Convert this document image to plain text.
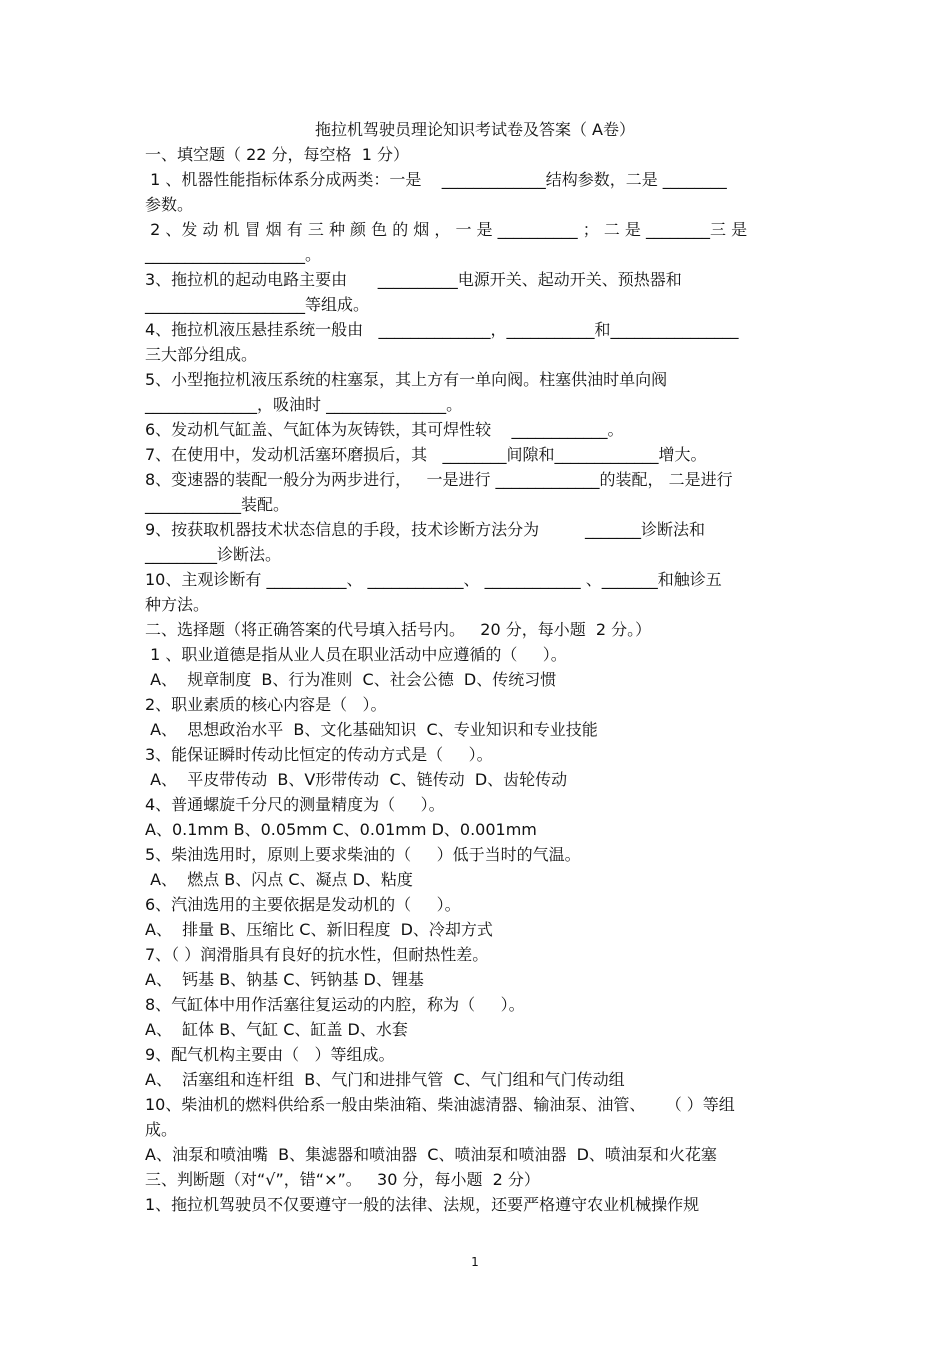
拖拉机驾驶员理论知识考试卷及答案（ A卷）
一、填空题（ 22 分，每空格  1 分）
1 、机器性能指标体系分成两类：一是    _____________结构参数，二是 ________
参数。
2 、发 动 机 冒 烟 有 三 种 颜 色 的 烟 ， 一 是 __________ ； 二 是 ________三 是
____________________。
3、拖拉机的起动电路主要由      __________电源开关、起动开关、预热器和
____________________等组成。
4、拖拉机液压悬挂系统一般由   ______________，___________和________________
三大部分组成。
5、小型拖拉机液压系统的柱塞泵，其上方有一单向阀。柱塞供油时单向阀
______________，吸油时 _______________。
6、发动机气缸盖、气缸体为灰铸铁，其可焊性较    ____________。
7、在使用中，发动机活塞环磨损后，其   ________间隙和_____________增大。
8、变速器的装配一般分为两步进行，   一是进行 _____________的装配， 二是进行
____________装配。
9、按获取机器技术状态信息的手段，技术诊断方法分为         _______诊断法和
_________诊断法。
10、主观诊断有 __________、 ____________、 ____________ 、_______和触诊五
种方法。
二、选择题（将正确答案的代号填入括号内。   20 分，每小题  2 分。）
1 、职业道德是指从业人员在职业活动中应遵循的（     ）。
A、  规章制度  B、行为准则  C、社会公德  D、传统习惯
2、职业素质的核心内容是（   ）。
A、  思想政治水平  B、文化基础知识  C、专业知识和专业技能
3、能保证瞬时传动比恒定的传动方式是（     ）。
A、  平皮带传动  B、V形带传动  C、链传动  D、齿轮传动
4、普通螺旋千分尺的测量精度为（     ）。
A、0.1mm B、0.05mm C、0.01mm D、0.001mm
5、柴油选用时，原则上要求柴油的（     ）低于当时的气温。
A、  燃点 B、闪点 C、凝点 D、粘度
6、汽油选用的主要依据是发动机的（     ）。
A、  排量 B、压缩比 C、新旧程度  D、冷却方式
7、（ ）润滑脂具有良好的抗水性，但耐热性差。
A、  钙基 B、钠基 C、钙钠基 D、锂基
8、气缸体中用作活塞往复运动的内腔，称为（     ）。
A、  缸体 B、气缸 C、缸盖 D、水套
9、配气机构主要由（   ）等组成。
A、  活塞组和连杆组  B、气门和进排气管  C、气门组和气门传动组
10、柴油机的燃料供给系一般由柴油箱、柴油滤清器、输油泵、油管、    （ ）等组
成。
A、油泵和喷油嘴  B、集滤器和喷油器  C、喷油泵和喷油器  D、喷油泵和火花塞
三、判断题（对“√”，错“×”。   30 分，每小题  2 分）
1、拖拉机驾驶员不仅要遵守一般的法律、法规，还要严格遵守农业机械操作规
1
